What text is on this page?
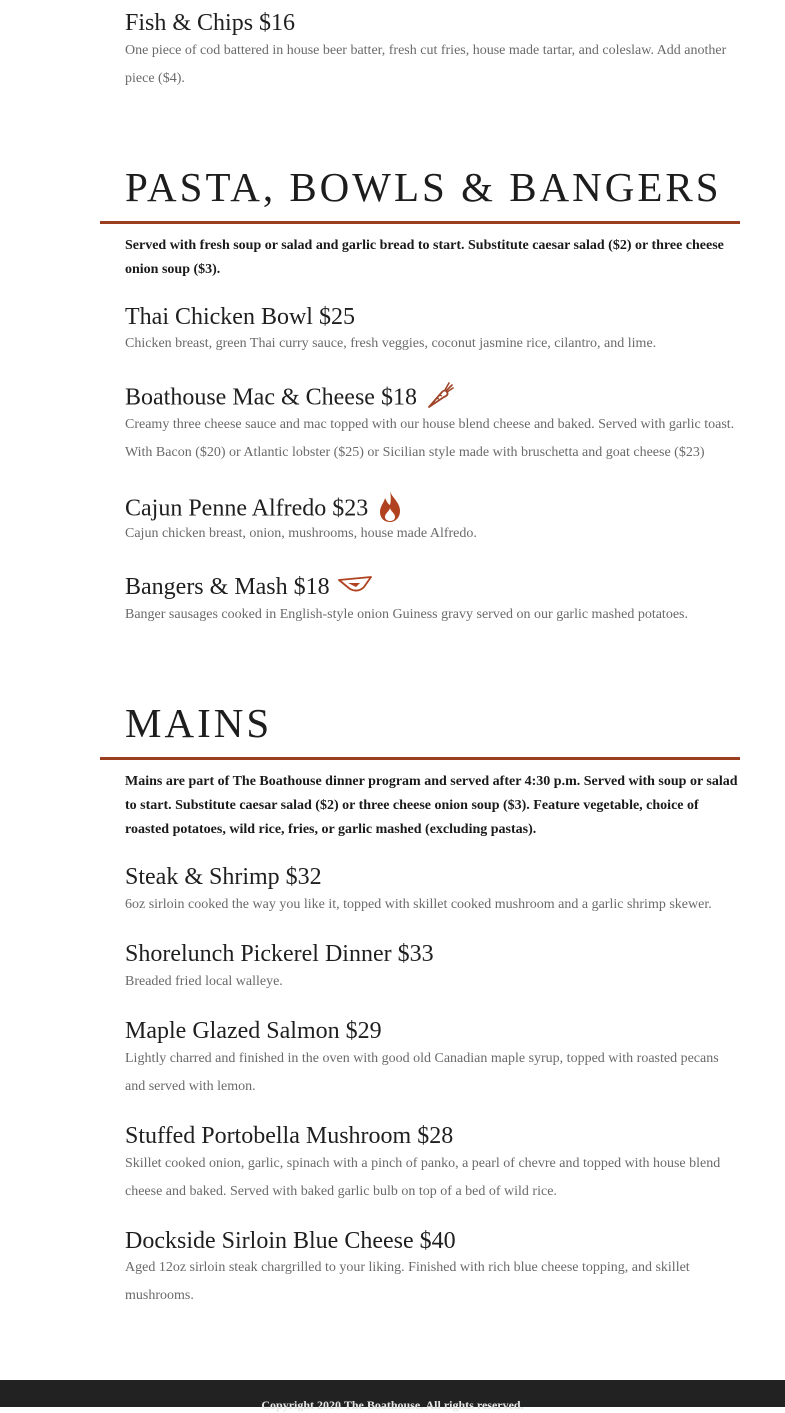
Fish & Chips $16

One piece of cod battered in house beer batter, fresh cut fries, house made tartar, and coleslaw. Add another piece ($4).

PASTA, BOWLS & BANGERS

Served with fresh soup or salad and garlic bread to start. Substitute caesar salad ($2) or three cheese onion soup ($3).

Thai Chicken Bowl $25

Chicken breast, green Thai curry sauce, fresh veggies, coconut jasmine rice, cilantro, and lime.

Boathouse Mac & Cheese $18

Creamy three cheese sauce and mac topped with our house blend cheese and baked. Served with garlic toast. With Bacon ($20) or Atlantic lobster ($25) or Sicilian style made with bruschetta and goat cheese ($23)

Cajun Penne Alfredo $23

Cajun chicken breast, onion, mushrooms, house made Alfredo.

Bangers & Mash $18

Banger sausages cooked in English-style onion Guiness gravy served on our garlic mashed potatoes.

MAINS

Mains are part of The Boathouse dinner program and served after 4:30 p.m. Served with soup or salad to start. Substitute caesar salad ($2) or three cheese onion soup ($3). Feature vegetable, choice of roasted potatoes, wild rice, fries, or garlic mashed (excluding pastas).

Steak & Shrimp $32

6oz sirloin cooked the way you like it, topped with skillet cooked mushroom and a garlic shrimp skewer.

Shorelunch Pickerel Dinner $33

Breaded fried local walleye.

Maple Glazed Salmon $29

Lightly charred and finished in the oven with good old Canadian maple syrup, topped with roasted pecans and served with lemon.

Stuffed Portobella Mushroom $28

Skillet cooked onion, garlic, spinach with a pinch of panko, a pearl of chevre and topped with house blend cheese and baked. Served with baked garlic bulb on top of a bed of wild rice.

Dockside Sirloin Blue Cheese $40

Aged 12oz sirloin steak chargrilled to your liking. Finished with rich blue cheese topping, and skillet mushrooms.

Copyright 2020 The Boathouse. All rights reserved.
